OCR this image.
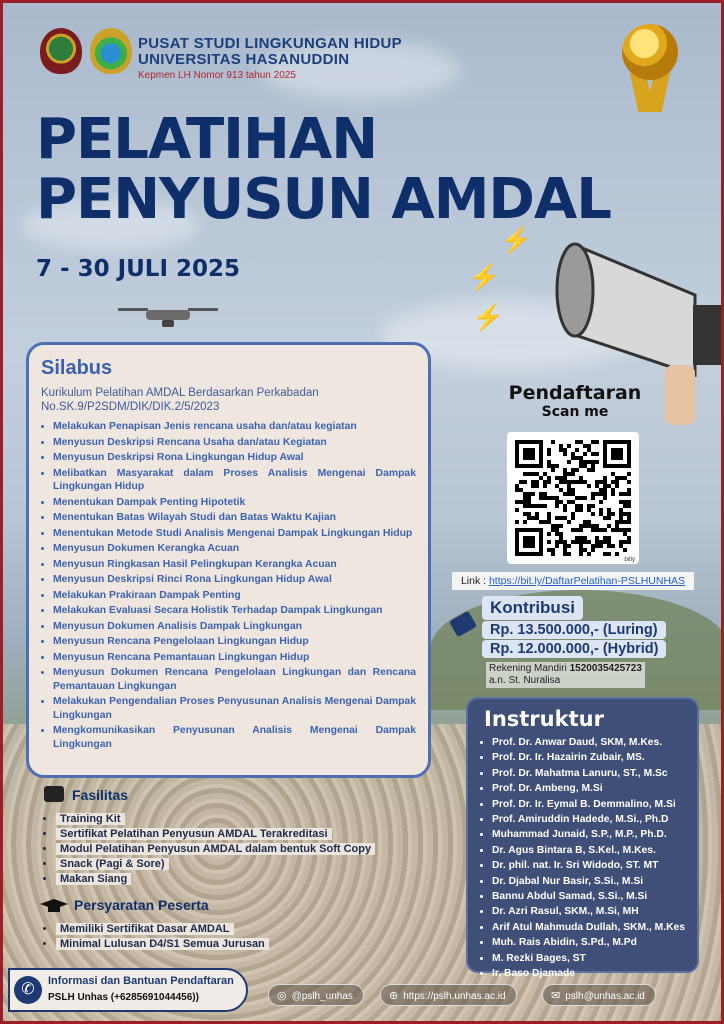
PUSAT STUDI LINGKUNGAN HIDUP
UNIVERSITAS HASANUDDIN
Kepmen LH Nomor 913 tahun 2025
PELATIHAN
PENYUSUN AMDAL
7 - 30 JULI 2025
⚡
⚡
⚡
Silabus
Kurikulum Pelatihan AMDAL Berdasarkan Perkabadan No.SK.9/P2SDM/DIK/DIK.2/5/2023
• Melakukan Penapisan Jenis rencana usaha dan/atau kegiatan
• Menyusun Deskripsi Rencana Usaha dan/atau Kegiatan
• Menyusun Deskripsi Rona Lingkungan Hidup Awal
• Melibatkan Masyarakat dalam Proses Analisis Mengenai Dampak Lingkungan Hidup
• Menentukan Dampak Penting Hipotetik
• Menentukan Batas Wilayah Studi dan Batas Waktu Kajian
• Menentukan Metode Studi Analisis Mengenai Dampak Lingkungan Hidup
• Menyusun Dokumen Kerangka Acuan
• Menyusun Ringkasan Hasil Pelingkupan Kerangka Acuan
• Menyusun Deskripsi Rinci Rona Lingkungan Hidup Awal
• Melakukan Prakiraan Dampak Penting
• Melakukan Evaluasi Secara Holistik Terhadap Dampak Lingkungan
• Menyusun Dokumen Analisis Dampak Lingkungan
• Menyusun Rencana Pengelolaan Lingkungan Hidup
• Menyusun Rencana Pemantauan Lingkungan Hidup
• Menyusun Dokumen Rencana Pengelolaan Lingkungan dan Rencana Pemantauan Lingkungan
• Melakukan Pengendalian Proses Penyusunan Analisis Mengenai Dampak Lingkungan
• Mengkomunikasikan Penyusunan Analisis Mengenai Dampak Lingkungan
Pendaftaran
Scan me
bitly
Link : https://bit.ly/DaftarPelatihan-PSLHUNHAS
Kontribusi
Rp. 13.500.000,- (Luring)
Rp. 12.000.000,- (Hybrid)
Rekening Mandiri 1520035425723
a.n. St. Nuralisa
Instruktur
• Prof. Dr. Anwar Daud, SKM, M.Kes.
• Prof. Dr. Ir. Hazairin Zubair, MS.
• Prof. Dr. Mahatma Lanuru, ST., M.Sc
• Prof. Dr. Ambeng, M.Si
• Prof. Dr. Ir. Eymal B. Demmalino, M.Si
• Prof. Amiruddin Hadede, M.Si., Ph.D
• Muhammad Junaid, S.P., M.P., Ph.D.
• Dr. Agus Bintara B, S.Kel., M.Kes.
• Dr. phil. nat. Ir. Sri Widodo, ST. MT
• Dr. Djabal Nur Basir, S.Si., M.Si
• Bannu Abdul Samad, S.Si., M.Si
• Dr. Azri Rasul, SKM., M.Si, MH
• Arif Atul Mahmuda Dullah, SKM., M.Kes
• Muh. Rais Abidin, S.Pd., M.Pd
• M. Rezki Bages, ST
• Ir. Baso Djamade
Fasilitas
• Training Kit
• Sertifikat Pelatihan Penyusun AMDAL Terakreditasi
• Modul Pelatihan Penyusun AMDAL dalam bentuk Soft Copy
• Snack (Pagi & Sore)
• Makan Siang
Persyaratan Peserta
• Memiliki Sertifikat Dasar AMDAL
• Minimal Lulusan D4/S1 Semua Jurusan
✆	Informasi dan Bantuan Pendaftaran
PSLH Unhas (+6285691044456))	◎ @pslh_unhas	⊕ https://pslh.unhas.ac.id	✉ pslh@unhas.ac.id
